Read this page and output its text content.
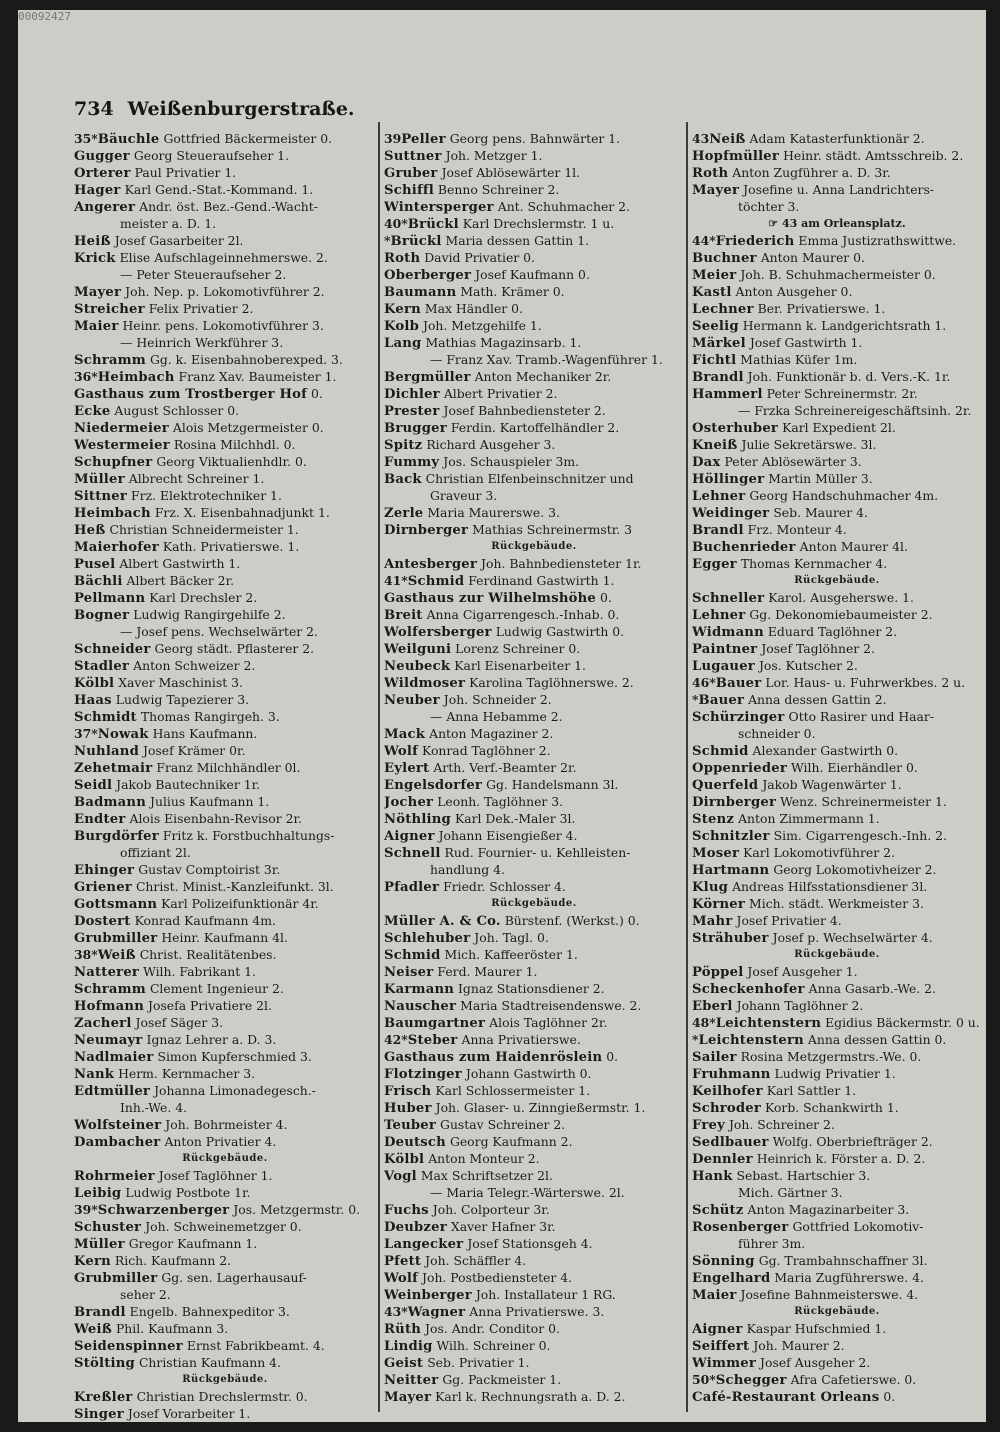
00092427
734 Weißenburgerstraße.
35*Bäuchle Gottfried Bäckermeister 0.
Gugger Georg Steueraufseher 1.
Orterer Paul Privatier 1.
Hager Karl Gend.-Stat.-Kommand. 1.
Angerer Andr. öst. Bez.-Gend.-Wacht-
meister a. D. 1.
Heiß Josef Gasarbeiter 2l.
Krick Elise Aufschlageinnehmerswe. 2.
— Peter Steueraufseher 2.
Mayer Joh. Nep. p. Lokomotivführer 2.
Streicher Felix Privatier 2.
Maier Heinr. pens. Lokomotivführer 3.
— Heinrich Werkführer 3.
Schramm Gg. k. Eisenbahnoberexped. 3.
36*Heimbach Franz Xav. Baumeister 1.
Gasthaus zum Trostberger Hof 0.
Ecke August Schlosser 0.
Niedermeier Alois Metzgermeister 0.
Westermeier Rosina Milchhdl. 0.
Schupfner Georg Viktualienhdlr. 0.
Müller Albrecht Schreiner 1.
Sittner Frz. Elektrotechniker 1.
Heimbach Frz. X. Eisenbahnadjunkt 1.
Heß Christian Schneidermeister 1.
Maierhofer Kath. Privatierswe. 1.
Pusel Albert Gastwirth 1.
Bächli Albert Bäcker 2r.
Pellmann Karl Drechsler 2.
Bogner Ludwig Rangirgehilfe 2.
— Josef pens. Wechselwärter 2.
Schneider Georg städt. Pflasterer 2.
Stadler Anton Schweizer 2.
Kölbl Xaver Maschinist 3.
Haas Ludwig Tapezierer 3.
Schmidt Thomas Rangirgeh. 3.
37*Nowak Hans Kaufmann.
Nuhland Josef Krämer 0r.
Zehetmair Franz Milchhändler 0l.
Seidl Jakob Bautechniker 1r.
Badmann Julius Kaufmann 1.
Endter Alois Eisenbahn-Revisor 2r.
Burgdörfer Fritz k. Forstbuchhaltungs-
offiziant 2l.
Ehinger Gustav Comptoirist 3r.
Griener Christ. Minist.-Kanzleifunkt. 3l.
Gottsmann Karl Polizeifunktionär 4r.
Dostert Konrad Kaufmann 4m.
Grubmiller Heinr. Kaufmann 4l.
38*Weiß Christ. Realitätenbes.
Natterer Wilh. Fabrikant 1.
Schramm Clement Ingenieur 2.
Hofmann Josefa Privatiere 2l.
Zacherl Josef Säger 3.
Neumayr Ignaz Lehrer a. D. 3.
Nadlmaier Simon Kupferschmied 3.
Nank Herm. Kernmacher 3.
Edtmüller Johanna Limonadegesch.-
Inh.-We. 4.
Wolfsteiner Joh. Bohrmeister 4.
Dambacher Anton Privatier 4.
Rückgebäude.
Rohrmeier Josef Taglöhner 1.
Leibig Ludwig Postbote 1r.
39*Schwarzenberger Jos. Metzgermstr. 0.
Schuster Joh. Schweinemetzger 0.
Müller Gregor Kaufmann 1.
Kern Rich. Kaufmann 2.
Grubmiller Gg. sen. Lagerhausauf-
seher 2.
Brandl Engelb. Bahnexpeditor 3.
Weiß Phil. Kaufmann 3.
Seidenspinner Ernst Fabrikbeamt. 4.
Stölting Christian Kaufmann 4.
Rückgebäude.
Kreßler Christian Drechslermstr. 0.
Singer Josef Vorarbeiter 1.
39Peller Georg pens. Bahnwärter 1.
Suttner Joh. Metzger 1.
Gruber Josef Ablösewärter 1l.
Schiffl Benno Schreiner 2.
Wintersperger Ant. Schuhmacher 2.
40*Brückl Karl Drechslermstr. 1 u.
*Brückl Maria dessen Gattin 1.
Roth David Privatier 0.
Oberberger Josef Kaufmann 0.
Baumann Math. Krämer 0.
Kern Max Händler 0.
Kolb Joh. Metzgehilfe 1.
Lang Mathias Magazinsarb. 1.
— Franz Xav. Tramb.-Wagenführer 1.
Bergmüller Anton Mechaniker 2r.
Dichler Albert Privatier 2.
Prester Josef Bahnbediensteter 2.
Brugger Ferdin. Kartoffelhändler 2.
Spitz Richard Ausgeher 3.
Fummy Jos. Schauspieler 3m.
Back Christian Elfenbeinschnitzer und
Graveur 3.
Zerle Maria Maurerswe. 3.
Dirnberger Mathias Schreinermstr. 3
Rückgebäude.
Antesberger Joh. Bahnbediensteter 1r.
41*Schmid Ferdinand Gastwirth 1.
Gasthaus zur Wilhelmshöhe 0.
Breit Anna Cigarrengesch.-Inhab. 0.
Wolfersberger Ludwig Gastwirth 0.
Weilguni Lorenz Schreiner 0.
Neubeck Karl Eisenarbeiter 1.
Wildmoser Karolina Taglöhnerswe. 2.
Neuber Joh. Schneider 2.
— Anna Hebamme 2.
Mack Anton Magaziner 2.
Wolf Konrad Taglöhner 2.
Eylert Arth. Verf.-Beamter 2r.
Engelsdorfer Gg. Handelsmann 3l.
Jocher Leonh. Taglöhner 3.
Nöthling Karl Dek.-Maler 3l.
Aigner Johann Eisengießer 4.
Schnell Rud. Fournier- u. Kehlleisten-
handlung 4.
Pfadler Friedr. Schlosser 4.
Rückgebäude.
Müller A. & Co. Bürstenf. (Werkst.) 0.
Schlehuber Joh. Tagl. 0.
Schmid Mich. Kaffeeröster 1.
Neiser Ferd. Maurer 1.
Karmann Ignaz Stationsdiener 2.
Nauscher Maria Stadtreisendenswe. 2.
Baumgartner Alois Taglöhner 2r.
42*Steber Anna Privatierswe.
Gasthaus zum Haidenröslein 0.
Flotzinger Johann Gastwirth 0.
Frisch Karl Schlossermeister 1.
Huber Joh. Glaser- u. Zinngießermstr. 1.
Teuber Gustav Schreiner 2.
Deutsch Georg Kaufmann 2.
Kölbl Anton Monteur 2.
Vogl Max Schriftsetzer 2l.
— Maria Telegr.-Wärterswe. 2l.
Fuchs Joh. Colporteur 3r.
Deubzer Xaver Hafner 3r.
Langecker Josef Stationsgeh 4.
Pfett Joh. Schäffler 4.
Wolf Joh. Postbediensteter 4.
Weinberger Joh. Installateur 1 RG.
43*Wagner Anna Privatierswe. 3.
Rüth Jos. Andr. Conditor 0.
Lindig Wilh. Schreiner 0.
Geist Seb. Privatier 1.
Neitter Gg. Packmeister 1.
Mayer Karl k. Rechnungsrath a. D. 2.
43Neiß Adam Katasterfunktionär 2.
Hopfmüller Heinr. städt. Amtsschreib. 2.
Roth Anton Zugführer a. D. 3r.
Mayer Josefine u. Anna Landrichters-
töchter 3.
☞ 43 am Orleansplatz.
44*Friederich Emma Justizrathswittwe.
Buchner Anton Maurer 0.
Meier Joh. B. Schuhmachermeister 0.
Kastl Anton Ausgeher 0.
Lechner Ber. Privatierswe. 1.
Seelig Hermann k. Landgerichtsrath 1.
Märkel Josef Gastwirth 1.
Fichtl Mathias Küfer 1m.
Brandl Joh. Funktionär b. d. Vers.-K. 1r.
Hammerl Peter Schreinermstr. 2r.
— Frzka Schreinereigeschäftsinh. 2r.
Osterhuber Karl Expedient 2l.
Kneiß Julie Sekretärswe. 3l.
Dax Peter Ablösewärter 3.
Höllinger Martin Müller 3.
Lehner Georg Handschuhmacher 4m.
Weidinger Seb. Maurer 4.
Brandl Frz. Monteur 4.
Buchenrieder Anton Maurer 4l.
Egger Thomas Kernmacher 4.
Rückgebäude.
Schneller Karol. Ausgeherswe. 1.
Lehner Gg. Dekonomiebaumeister 2.
Widmann Eduard Taglöhner 2.
Paintner Josef Taglöhner 2.
Lugauer Jos. Kutscher 2.
46*Bauer Lor. Haus- u. Fuhrwerkbes. 2 u.
*Bauer Anna dessen Gattin 2.
Schürzinger Otto Rasirer und Haar-
schneider 0.
Schmid Alexander Gastwirth 0.
Oppenrieder Wilh. Eierhändler 0.
Querfeld Jakob Wagenwärter 1.
Dirnberger Wenz. Schreinermeister 1.
Stenz Anton Zimmermann 1.
Schnitzler Sim. Cigarrengesch.-Inh. 2.
Moser Karl Lokomotivführer 2.
Hartmann Georg Lokomotivheizer 2.
Klug Andreas Hilfsstationsdiener 3l.
Körner Mich. städt. Werkmeister 3.
Mahr Josef Privatier 4.
Strähuber Josef p. Wechselwärter 4.
Rückgebäude.
Pöppel Josef Ausgeher 1.
Scheckenhofer Anna Gasarb.-We. 2.
Eberl Johann Taglöhner 2.
48*Leichtenstern Egidius Bäckermstr. 0 u.
*Leichtenstern Anna dessen Gattin 0.
Sailer Rosina Metzgermstrs.-We. 0.
Fruhmann Ludwig Privatier 1.
Keilhofer Karl Sattler 1.
Schroder Korb. Schankwirth 1.
Frey Joh. Schreiner 2.
Sedlbauer Wolfg. Oberbriefträger 2.
Dennler Heinrich k. Förster a. D. 2.
Hank Sebast. Hartschier 3.
Mich. Gärtner 3.
Schütz Anton Magazinarbeiter 3.
Rosenberger Gottfried Lokomotiv-
führer 3m.
Sönning Gg. Trambahnschaffner 3l.
Engelhard Maria Zugführerswe. 4.
Maier Josefine Bahnmeisterswe. 4.
Rückgebäude.
Aigner Kaspar Hufschmied 1.
Seiffert Joh. Maurer 2.
Wimmer Josef Ausgeher 2.
50*Schegger Afra Cafetierswe. 0.
Café-Restaurant Orleans 0.
